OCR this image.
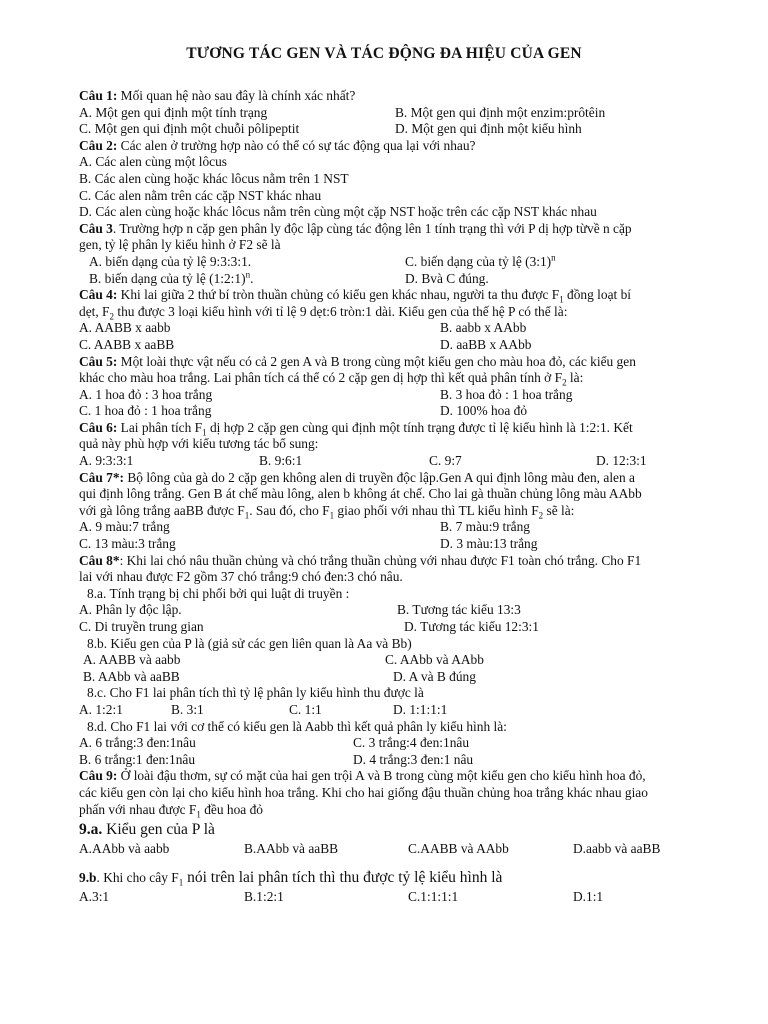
TƯƠNG TÁC GEN VÀ TÁC ĐỘNG ĐA HIỆU CỦA GEN
Câu 1: Mối quan hệ nào sau đây là chính xác nhất?
A. Một gen qui định một tính trạng	B. Một gen qui định một enzim:prôtêin
C. Một gen qui định một chuỗi pôlipeptit	D. Một gen qui định một kiểu hình
Câu 2: Các alen ở trường hợp nào có thể có sự tác động qua lại với nhau?
A. Các alen cùng một lôcus
B. Các alen cùng hoặc khác lôcus nằm trên 1 NST
C. Các alen nằm trên các cặp NST khác nhau
D. Các alen cùng hoặc khác lôcus nằm trên cùng một cặp NST hoặc trên các cặp NST khác nhau
Câu 3. Trường hợp n cặp gen phân ly độc lập cùng tác động lên 1 tính trạng thì với P dị hợp từvề n cặp
gen, tỷ lệ phân ly kiểu hình ở F2 sẽ là
A. biến dạng của tỷ lệ 9:3:3:1.	C. biến dạng của tỷ lệ (3:1)$^n$
B. biến dạng của tỷ lệ (1:2:1)$^n$.	D. Bvà C đúng.
Câu 4: Khi lai giữa 2 thứ bí tròn thuần chủng có kiểu gen khác nhau, người ta thu được $F_1$ đồng loạt bí
dẹt, $F_2$ thu được 3 loại kiểu hình với tỉ lệ 9 dẹt:6 tròn:1 dài. Kiểu gen của thế hệ P có thể là:
A. AABB x aabb	B. aabb x AAbb
C. AABB x aaBB	D. aaBB x AAbb
Câu 5: Một loài thực vật nếu có cả 2 gen A và B trong cùng một kiểu gen cho màu hoa đỏ, các kiểu gen
khác cho màu hoa trắng. Lai phân tích cá thể có 2 cặp gen dị hợp thì kết quả phân tính ở $F_2$ là:
A. 1 hoa đỏ : 3 hoa trắng	B. 3 hoa đỏ : 1 hoa trắng
C. 1 hoa đỏ : 1 hoa trắng	D. 100% hoa đỏ
Câu 6: Lai phân tích $F_1$ dị hợp 2 cặp gen cùng qui định một tính trạng được tỉ lệ kiểu hình là 1:2:1. Kết
quả này phù hợp với kiểu tương tác bổ sung:
A. 9:3:3:1	B. 9:6:1	C. 9:7	D. 12:3:1
Câu 7*: Bộ lông của gà do 2 cặp gen không alen di truyền độc lập.Gen A qui định lông màu đen, alen a
qui định lông trắng. Gen B át chế màu lông, alen b không át chế. Cho lai gà thuần chủng lông màu AAbb
với gà lông trắng aaBB được $F_1$. Sau đó, cho $F_1$ giao phối với nhau thì TL kiểu hình $F_2$ sẽ là:
A. 9 màu:7 trắng	B. 7 màu:9 trắng
C. 13 màu:3 trắng	D. 3 màu:13 trắng
Câu 8*: Khi lai chó nâu thuần chủng và chó trắng thuần chủng với nhau được F1 toàn chó trắng. Cho F1
lai với nhau được F2 gồm 37 chó trắng:9 chó đen:3 chó nâu.
8.a. Tính trạng bị chi phối bởi qui luật di truyền :
A. Phân ly độc lập.	B. Tương tác kiểu 13:3
C. Di truyền trung gian	D. Tương tác kiểu 12:3:1
8.b. Kiểu gen của P là (giả sử các gen liên quan là Aa và Bb)
A. AABB và aabb	C. AAbb và AAbb
B. AAbb và aaBB	D. A và B đúng
8.c. Cho F1 lai phân tích thì tỷ lệ phân ly kiểu hình thu được là
A. 1:2:1	B. 3:1	C. 1:1	D. 1:1:1:1
8.d. Cho F1 lai với cơ thể có kiểu gen là Aabb thì kết quả phân ly kiểu hình là:
A. 6 trắng:3 đen:1nâu	C. 3 trắng:4 đen:1nâu
B. 6 trắng:1 đen:1nâu	D. 4 trắng:3 đen:1 nâu
Câu 9: Ở loài đậu thơm, sự có mặt của hai gen trội A và B trong cùng một kiểu gen cho kiểu hình hoa đỏ,
các kiểu gen còn lại cho kiểu hình hoa trắng. Khi cho hai giống đậu thuần chủng hoa trắng khác nhau giao
phấn với nhau được $F_1$ đều hoa đỏ
9.a. Kiểu gen của P là
A.AAbb và aabb	B.AAbb và aaBB	C.AABB và AAbb	D.aabb và aaBB
9.b. Khi cho cây $F_1$ nói trên lai phân tích thì thu được tỷ lệ kiểu hình là
A.3:1	B.1:2:1	C.1:1:1:1	D.1:1
